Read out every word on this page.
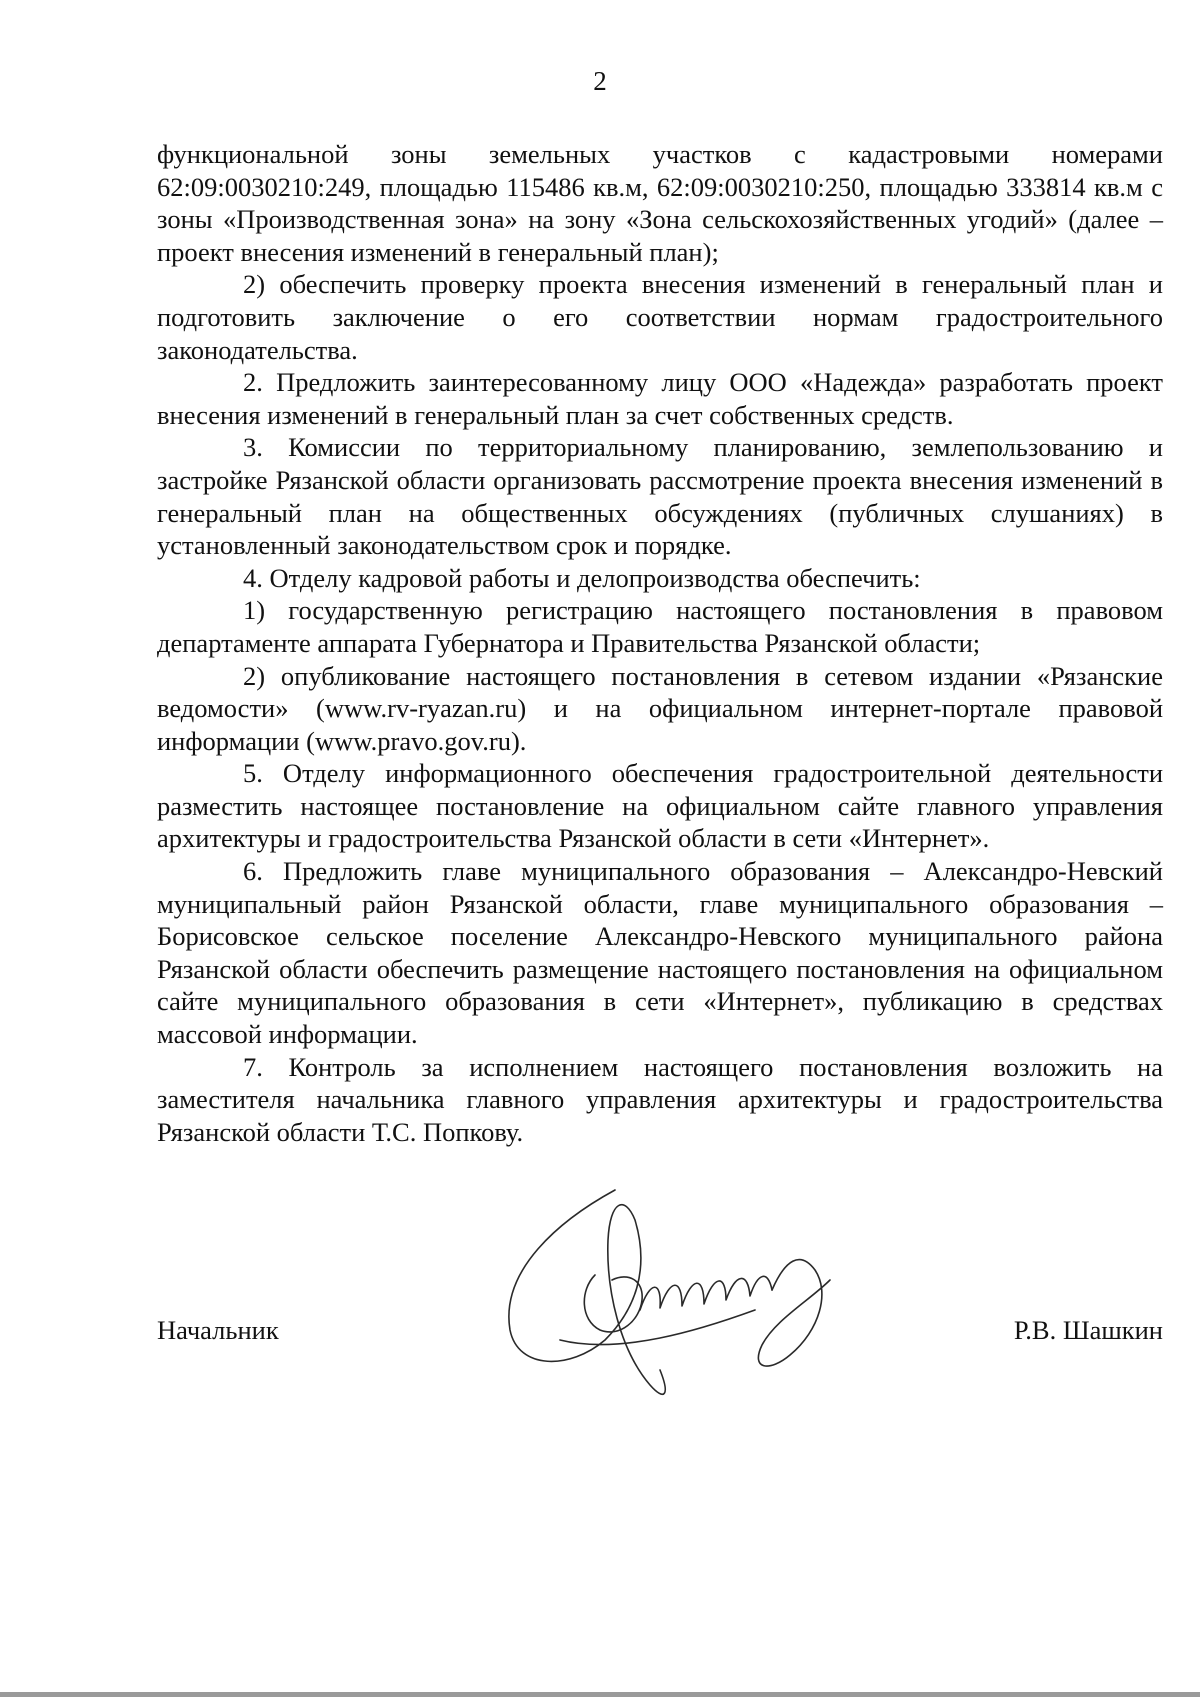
2

функциональной зоны земельных участков с кадастровыми номерами 62:09:0030210:249, площадью 115486 кв.м, 62:09:0030210:250, площадью 333814 кв.м с зоны «Производственная зона» на зону «Зона сельскохозяйственных угодий» (далее – проект внесения изменений в генеральный план);

2) обеспечить проверку проекта внесения изменений в генеральный план и подготовить заключение о его соответствии нормам градостроительного законодательства.

2. Предложить заинтересованному лицу ООО «Надежда» разработать проект внесения изменений в генеральный план за счет собственных средств.

3. Комиссии по территориальному планированию, землепользованию и застройке Рязанской области организовать рассмотрение проекта внесения изменений в генеральный план на общественных обсуждениях (публичных слушаниях) в установленный законодательством срок и порядке.

4. Отделу кадровой работы и делопроизводства обеспечить:

1) государственную регистрацию настоящего постановления в правовом департаменте аппарата Губернатора и Правительства Рязанской области;

2) опубликование настоящего постановления в сетевом издании «Рязанские ведомости» (www.rv-ryazan.ru) и на официальном интернет-портале правовой информации (www.pravo.gov.ru).

5. Отделу информационного обеспечения градостроительной деятельности разместить настоящее постановление на официальном сайте главного управления архитектуры и градостроительства Рязанской области в сети «Интернет».

6. Предложить главе муниципального образования – Александро-Невский муниципальный район Рязанской области, главе муниципального образования – Борисовское сельское поселение Александро-Невского муниципального района Рязанской области обеспечить размещение настоящего постановления на официальном сайте муниципального образования в сети «Интернет», публикацию в средствах массовой информации.

7. Контроль за исполнением настоящего постановления возложить на заместителя начальника главного управления архитектуры и градостроительства Рязанской области Т.С. Попкову.

Начальник	Р.В. Шашкин
